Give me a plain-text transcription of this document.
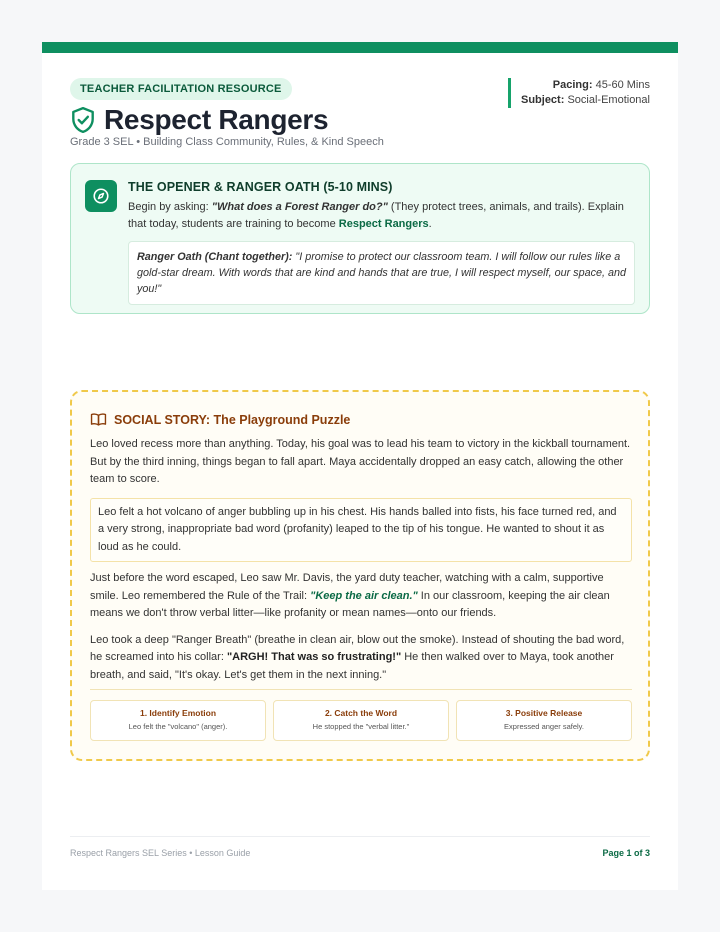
TEACHER FACILITATION RESOURCE	Pacing: 45-60 Mins
Subject: Social-Emotional
Respect Rangers
Grade 3 SEL • Building Class Community, Rules, & Kind Speech
THE OPENER & RANGER OATH (5-10 MINS)
Begin by asking: "What does a Forest Ranger do?" (They protect trees, animals, and trails). Explain that today, students are training to become Respect Rangers.
Ranger Oath (Chant together): "I promise to protect our classroom team. I will follow our rules like a gold-star dream. With words that are kind and hands that are true, I will respect myself, our space, and you!"
SOCIAL STORY: The Playground Puzzle

Leo loved recess more than anything. Today, his goal was to lead his team to victory in the kickball tournament. But by the third inning, things began to fall apart. Maya accidentally dropped an easy catch, allowing the other team to score.

Leo felt a hot volcano of anger bubbling up in his chest. His hands balled into fists, his face turned red, and a very strong, inappropriate bad word (profanity) leaped to the tip of his tongue. He wanted to shout it as loud as he could.

Just before the word escaped, Leo saw Mr. Davis, the yard duty teacher, watching with a calm, supportive smile. Leo remembered the Rule of the Trail: "Keep the air clean." In our classroom, keeping the air clean means we don't throw verbal litter—like profanity or mean names—onto our friends.

Leo took a deep "Ranger Breath" (breathe in clean air, blow out the smoke). Instead of shouting the bad word, he screamed into his collar: "ARGH! That was so frustrating!" He then walked over to Maya, took another breath, and said, "It's okay. Let's get them in the next inning."

1. Identify Emotion
Leo felt the "volcano" (anger).
2. Catch the Word
He stopped the "verbal litter."
3. Positive Release
Expressed anger safely.
Respect Rangers SEL Series • Lesson Guide	Page 1 of 3
